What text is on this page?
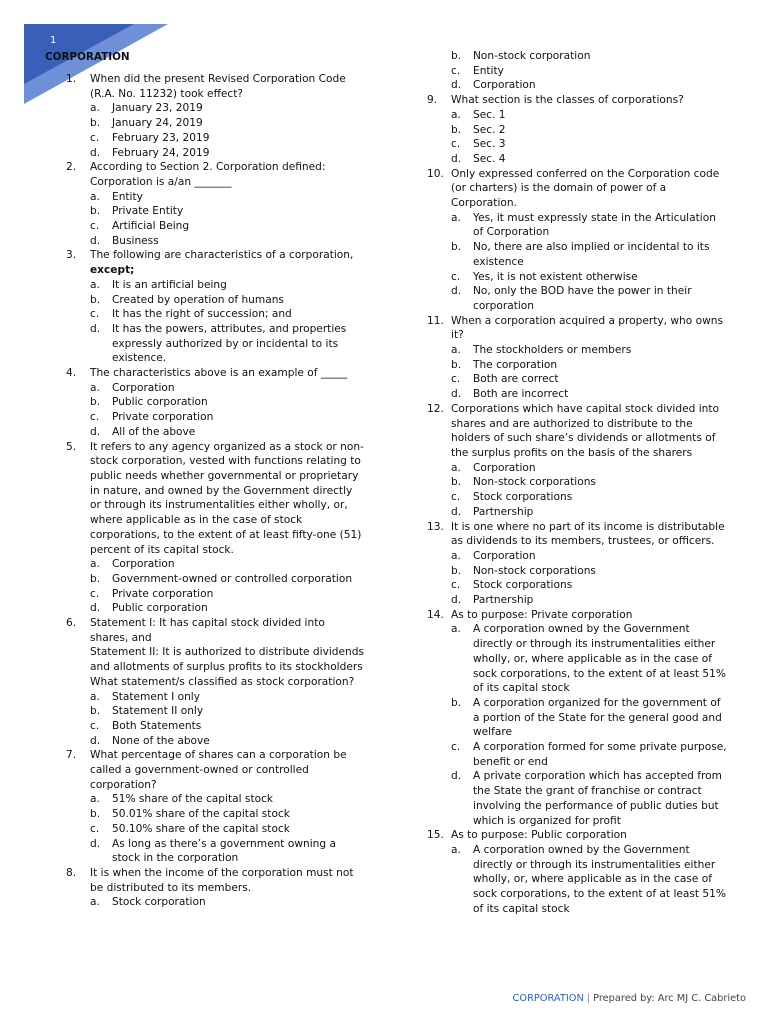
1
CORPORATION
1.	When did the present Revised Corporation Code (R.A. No. 11232) took effect?
a.	January 23, 2019
b.	January 24, 2019
c.	February 23, 2019
d.	February 24, 2019
2.	According to Section 2. Corporation defined: Corporation is a/an _______
a.	Entity
b.	Private Entity
c.	Artificial Being
d.	Business
3.	The following are characteristics of a corporation, except;
a.	It is an artificial being
b.	Created by operation of humans
c.	It has the right of succession; and
d.	It has the powers, attributes, and properties expressly authorized by or incidental to its existence.
4.	The characteristics above is an example of _____
a.	Corporation
b.	Public corporation
c.	Private corporation
d.	All of the above
5.	It refers to any agency organized as a stock or non-stock corporation, vested with functions relating to public needs whether governmental or proprietary in nature, and owned by the Government directly or through its instrumentalities either wholly, or, where applicable as in the case of stock corporations, to the extent of at least fifty-one (51) percent of its capital stock.
a.	Corporation
b.	Government-owned or controlled corporation
c.	Private corporation
d.	Public corporation
6.	Statement I: It has capital stock divided into shares, and
Statement II: It is authorized to distribute dividends and allotments of surplus profits to its stockholders
What statement/s classified as stock corporation?
a.	Statement I only
b.	Statement II only
c.	Both Statements
d.	None of the above
7.	What percentage of shares can a corporation be called a government-owned or controlled corporation?
a.	51% share of the capital stock
b.	50.01% share of the capital stock
c.	50.10% share of the capital stock
d.	As long as there’s a government owning a stock in the corporation
8.	It is when the income of the corporation must not be distributed to its members.
a.	Stock corporation
b.	Non-stock corporation
c.	Entity
d.	Corporation
9.	What section is the classes of corporations?
a.	Sec. 1
b.	Sec. 2
c.	Sec. 3
d.	Sec. 4
10. Only expressed conferred on the Corporation code (or charters) is the domain of power of a Corporation.
a.	Yes, it must expressly state in the Articulation of Corporation
b.	No, there are also implied or incidental to its existence
c.	Yes, it is not existent otherwise
d.	No, only the BOD have the power in their corporation
11. When a corporation acquired a property, who owns it?
a.	The stockholders or members
b.	The corporation
c.	Both are correct
d.	Both are incorrect
12. Corporations which have capital stock divided into shares and are authorized to distribute to the holders of such share’s dividends or allotments of the surplus profits on the basis of the sharers
a.	Corporation
b.	Non-stock corporations
c.	Stock corporations
d.	Partnership
13. It is one where no part of its income is distributable as dividends to its members, trustees, or officers.
a.	Corporation
b.	Non-stock corporations
c.	Stock corporations
d.	Partnership
14. As to purpose: Private corporation
a.	A corporation owned by the Government directly or through its instrumentalities either wholly, or, where applicable as in the case of sock corporations, to the extent of at least 51% of its capital stock
b.	A corporation organized for the government of a portion of the State for the general good and welfare
c.	A corporation formed for some private purpose, benefit or end
d.	A private corporation which has accepted from the State the grant of franchise or contract involving the performance of public duties but which is organized for profit
15. As to purpose: Public corporation
a.	A corporation owned by the Government directly or through its instrumentalities either wholly, or, where applicable as in the case of sock corporations, to the extent of at least 51% of its capital stock
CORPORATION | Prepared by: Arc MJ C. Cabrieto
